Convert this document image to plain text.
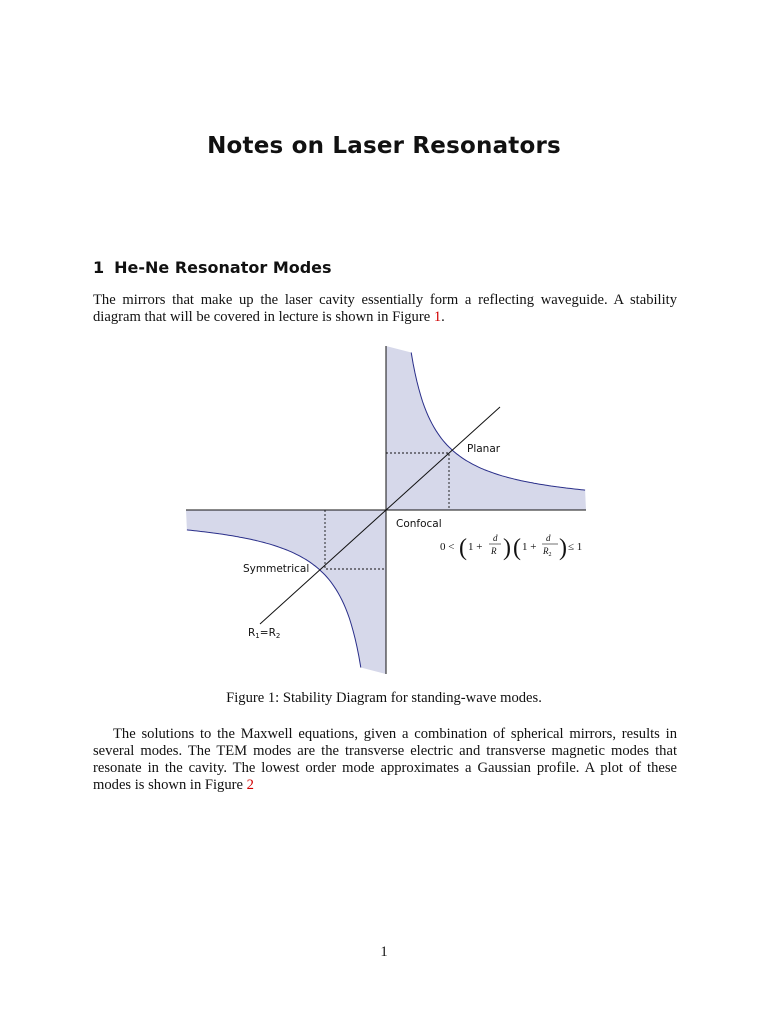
Notes on Laser Resonators
1 He-Ne Resonator Modes
The mirrors that make up the laser cavity essentially form a reflecting waveguide. A stability diagram that will be covered in lecture is shown in Figure 1.
Planar
Confocal
Symmetrical
R1=R2
0 < ( 1 +
d
R ) ( 1 +
d
$R_2$ ) ≤ 1
Figure 1: Stability Diagram for standing-wave modes.
The solutions to the Maxwell equations, given a combination of spherical mirrors, results in several modes. The TEM modes are the transverse electric and transverse magnetic modes that resonate in the cavity. The lowest order mode approximates a Gaussian profile. A plot of these modes is shown in Figure 2
1
